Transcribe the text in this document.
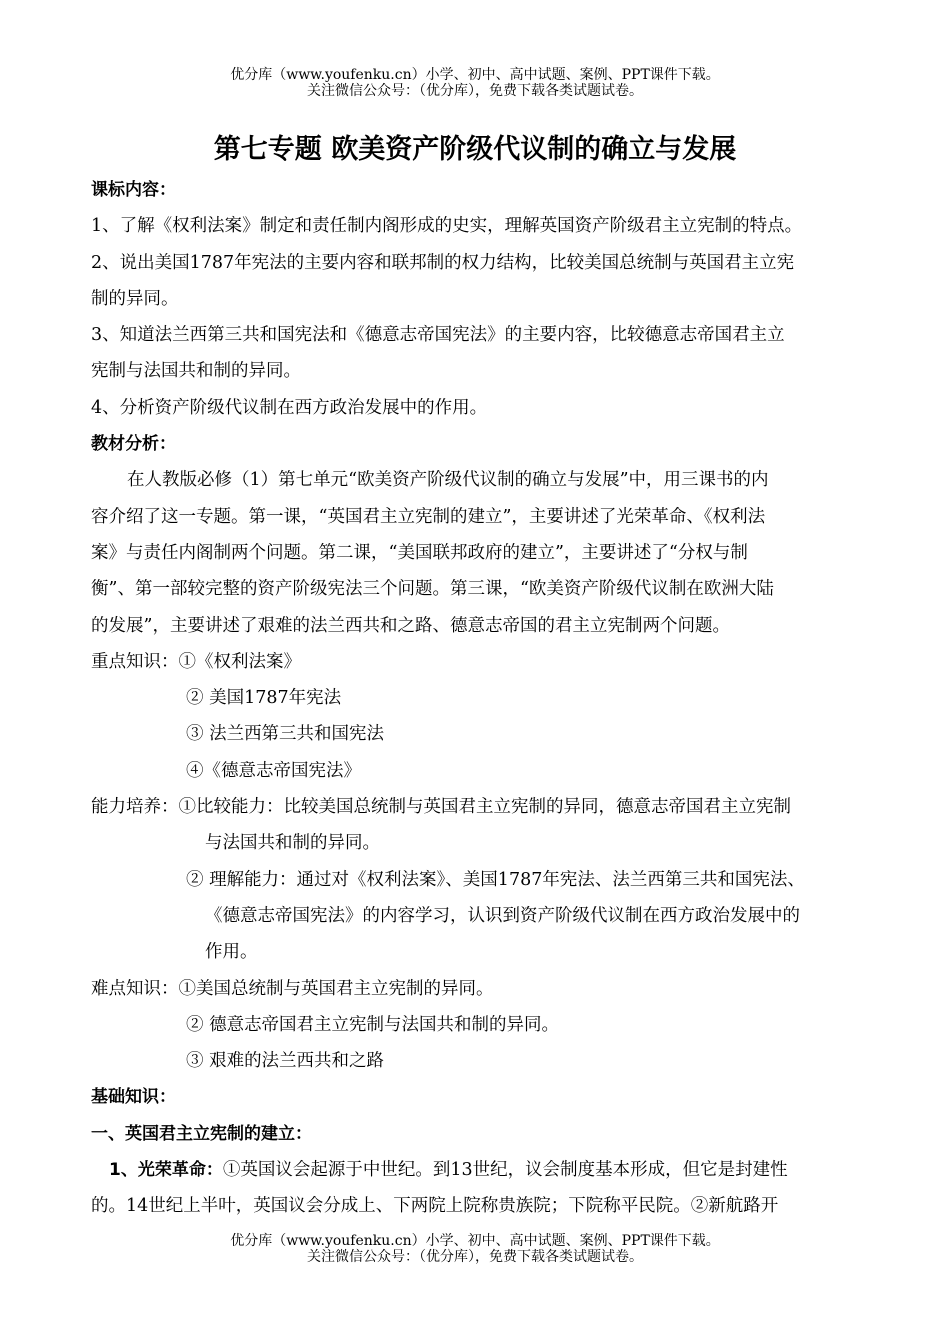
优分库（www.youfenku.cn）小学、初中、高中试题、案例、PPT课件下载。
关注微信公众号：（优分库），免费下载各类试题试卷。
第七专题 欧美资产阶级代议制的确立与发展
课标内容：
1、了解《权利法案》制定和责任制内阁形成的史实，理解英国资产阶级君主立宪制的特点。
2、说出美国1787年宪法的主要内容和联邦制的权力结构，比较美国总统制与英国君主立宪
制的异同。
3、知道法兰西第三共和国宪法和《德意志帝国宪法》的主要内容，比较德意志帝国君主立
宪制与法国共和制的异同。
4、分析资产阶级代议制在西方政治发展中的作用。
教材分析：
在人教版必修（1）第七单元“欧美资产阶级代议制的确立与发展”中，用三课书的内
容介绍了这一专题。第一课，“英国君主立宪制的建立”，主要讲述了光荣革命、《权利法
案》与责任内阁制两个问题。第二课，“美国联邦政府的建立”，主要讲述了“分权与制
衡”、第一部较完整的资产阶级宪法三个问题。第三课，“欧美资产阶级代议制在欧洲大陆
的发展”，主要讲述了艰难的法兰西共和之路、德意志帝国的君主立宪制两个问题。
重点知识：①《权利法案》
② 美国1787年宪法
③ 法兰西第三共和国宪法
④《德意志帝国宪法》
能力培养：①比较能力：比较美国总统制与英国君主立宪制的异同，德意志帝国君主立宪制
与法国共和制的异同。
② 理解能力：通过对《权利法案》、美国1787年宪法、法兰西第三共和国宪法、
《德意志帝国宪法》的内容学习，认识到资产阶级代议制在西方政治发展中的
作用。
难点知识：①美国总统制与英国君主立宪制的异同。
② 德意志帝国君主立宪制与法国共和制的异同。
③ 艰难的法兰西共和之路
基础知识：
一、英国君主立宪制的建立：
1、光荣革命：①英国议会起源于中世纪。到13世纪，议会制度基本形成，但它是封建性
的。14世纪上半叶，英国议会分成上、下两院上院称贵族院；下院称平民院。②新航路开
优分库（www.youfenku.cn）小学、初中、高中试题、案例、PPT课件下载。
关注微信公众号：（优分库），免费下载各类试题试卷。
